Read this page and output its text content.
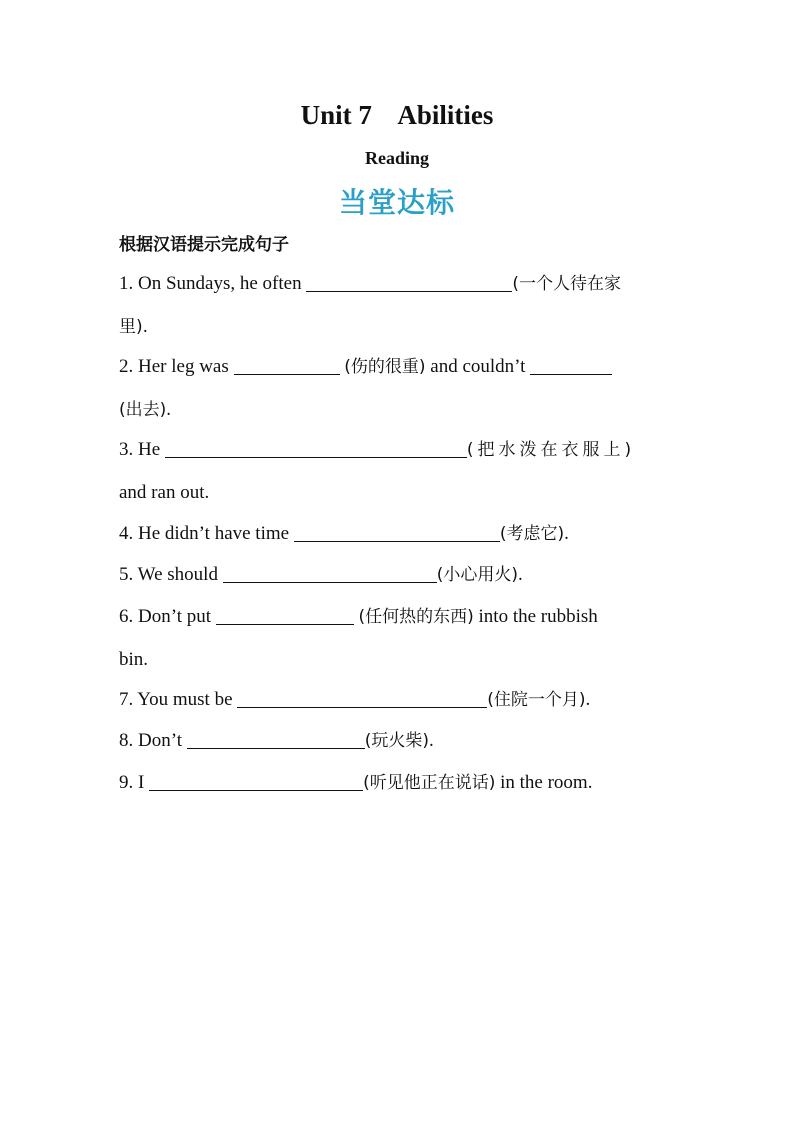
Unit 7    Abilities
Reading
当堂达标
根据汉语提示完成句子
1. On Sundays, he often	(一个人待在家
里).
2. Her leg was	(伤的很重) and couldn’t
(出去).
3. He	(把水泼在衣服上)
and ran out.
4. He didn’t have time	(考虑它).
5. We should	(小心用火).
6. Don’t put	(任何热的东西) into the rubbish
bin.
7. You must be	(住院一个月).
8. Don’t	(玩火柴).
9. I	(听见他正在说话) in the room.
